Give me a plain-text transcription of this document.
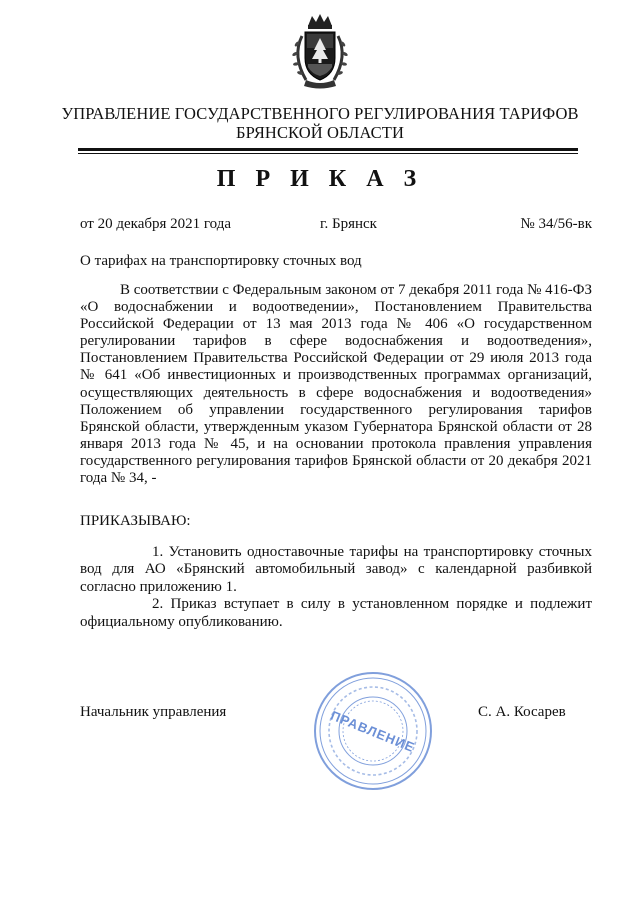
УПРАВЛЕНИЕ ГОСУДАРСТВЕННОГО РЕГУЛИРОВАНИЯ ТАРИФОВ
БРЯНСКОЙ ОБЛАСТИ
П Р И К А З
от 20 декабря 2021 года	г. Брянск	№ 34/56-вк
О тарифах на транспортировку сточных вод
В соответствии с Федеральным законом от 7 декабря 2011 года № 416-ФЗ «О водоснабжении и водоотведении», Постановлением Правительства Российской Федерации от 13 мая 2013 года № 406 «О государственном регулировании тарифов в сфере водоснабжения и водоотведения», Постановлением Правительства Российской Федерации от 29 июля 2013 года № 641 «Об инвестиционных и производственных программах организаций, осуществляющих деятельность в сфере водоснабжения и водоотведения» Положением об управлении государственного регулирования тарифов Брянской области, утвержденным указом Губернатора Брянской области от 28 января 2013 года № 45, и на основании протокола правления управления государственного регулирования тарифов Брянской области от 20 декабря 2021 года № 34, -
ПРИКАЗЫВАЮ:
1. Установить одноставочные тарифы на транспортировку сточных вод для АО «Брянский автомобильный завод» с календарной разбивкой согласно приложению 1.
2. Приказ вступает в силу в установленном порядке и подлежит официальному опубликованию.
Начальник управления	С. А. Косарев
ПРАВЛЕНИЕ
